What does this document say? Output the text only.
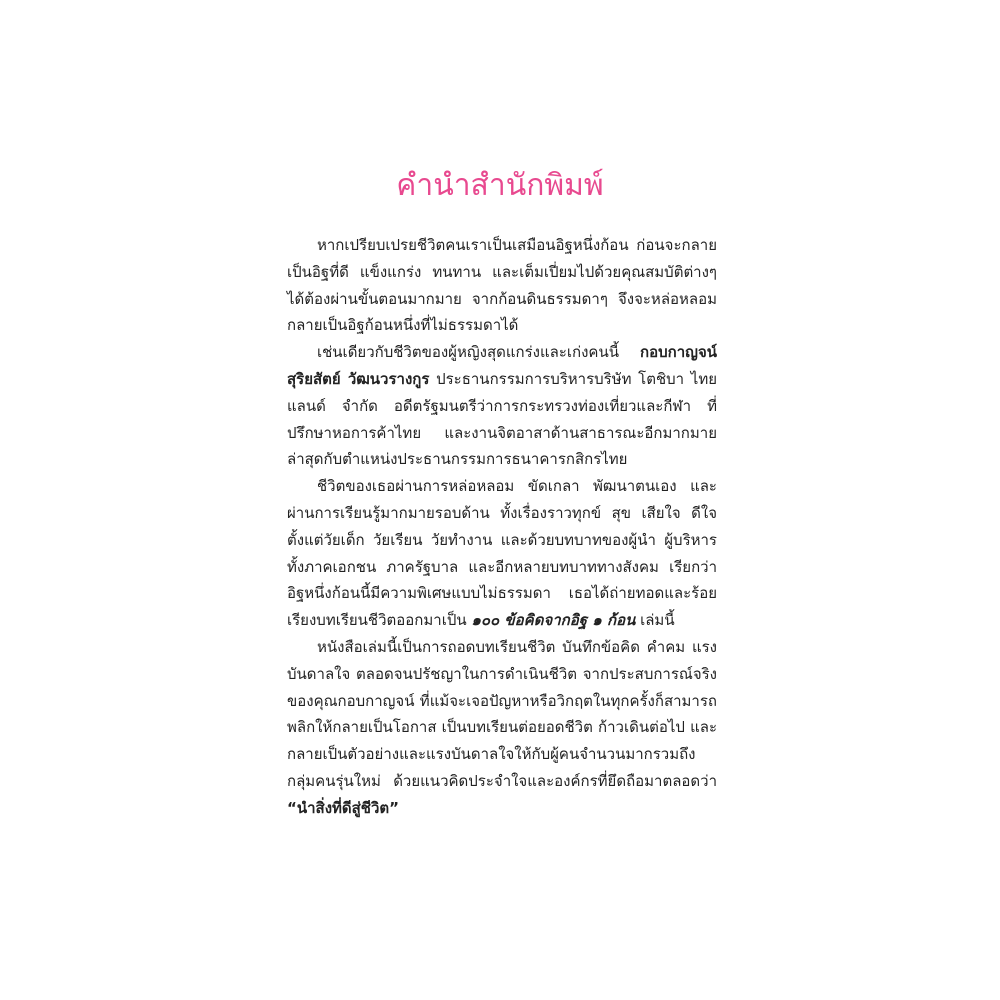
คำนำสำนักพิมพ์

หากเปรียบเปรยชีวิตคนเราเป็นเสมือนอิฐหนึ่งก้อน ก่อนจะกลายเป็นอิฐที่ดี แข็งแกร่ง ทนทาน และเต็มเปี่ยมไปด้วยคุณสมบัติต่างๆ ได้ต้องผ่านขั้นตอนมากมาย จากก้อนดินธรรมดาๆ จึงจะหล่อหลอมกลายเป็นอิฐก้อนหนึ่งที่ไม่ธรรมดาได้

เช่นเดียวกับชีวิตของผู้หญิงสุดแกร่งและเก่งคนนี้ กอบกาญจน์ สุริยสัตย์ วัฒนวรางกูร ประธานกรรมการบริหารบริษัท โตชิบา ไทยแลนด์ จำกัด อดีตรัฐมนตรีว่าการกระทรวงท่องเที่ยวและกีฬา ที่ปรึกษาหอการค้าไทย และงานจิตอาสาด้านสาธารณะอีกมากมาย ล่าสุดกับตำแหน่งประธานกรรมการธนาคารกสิกรไทย

ชีวิตของเธอผ่านการหล่อหลอม ขัดเกลา พัฒนาตนเอง และผ่านการเรียนรู้มากมายรอบด้าน ทั้งเรื่องราวทุกข์ สุข เสียใจ ดีใจ ตั้งแต่วัยเด็ก วัยเรียน วัยทำงาน และด้วยบทบาทของผู้นำ ผู้บริหาร ทั้งภาคเอกชน ภาครัฐบาล และอีกหลายบทบาททางสังคม เรียกว่าอิฐหนึ่งก้อนนี้มีความพิเศษแบบไม่ธรรมดา เธอได้ถ่ายทอดและร้อยเรียงบทเรียนชีวิตออกมาเป็น ๑๐๐ ข้อคิดจากอิฐ ๑ ก้อน เล่มนี้

หนังสือเล่มนี้เป็นการถอดบทเรียนชีวิต บันทึกข้อคิด คำคม แรงบันดาลใจ ตลอดจนปรัชญาในการดำเนินชีวิต จากประสบการณ์จริงของคุณกอบกาญจน์ ที่แม้จะเจอปัญหาหรือวิกฤตในทุกครั้งก็สามารถพลิกให้กลายเป็นโอกาส เป็นบทเรียนต่อยอดชีวิต ก้าวเดินต่อไป และกลายเป็นตัวอย่างและแรงบันดาลใจให้กับผู้คนจำนวนมากรวมถึงกลุ่มคนรุ่นใหม่ ด้วยแนวคิดประจำใจและองค์กรที่ยึดถือมาตลอดว่า “นำสิ่งที่ดีสู่ชีวิต”
